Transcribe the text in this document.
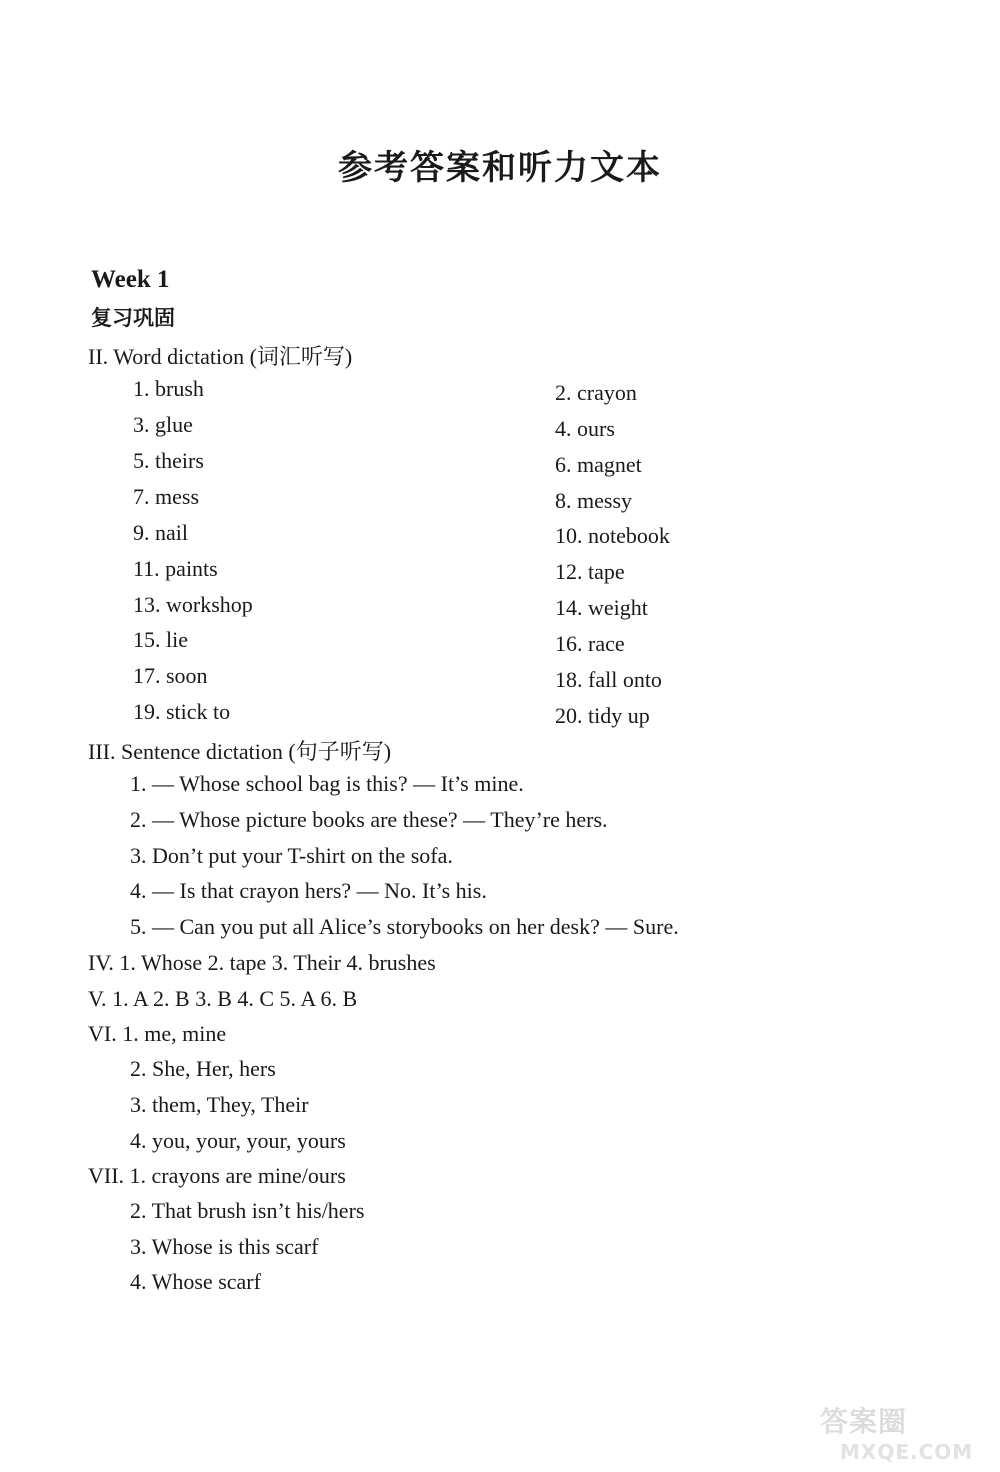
参考答案和听力文本
Week 1
复习巩固
II. Word dictation (词汇听写)
1. brush
3. glue
5. theirs
7. mess
9. nail
11. paints
13. workshop
15. lie
17. soon
19. stick to
2. crayon
4. ours
6. magnet
8. messy
10. notebook
12. tape
14. weight
16. race
18. fall onto
20. tidy up
III. Sentence dictation (句子听写)
1. — Whose school bag is this? — It’s mine.
2. — Whose picture books are these? — They’re hers.
3. Don’t put your T-shirt on the sofa.
4. — Is that crayon hers? — No. It’s his.
5. — Can you put all Alice’s storybooks on her desk? — Sure.
IV. 1. Whose 2. tape 3. Their 4. brushes
V. 1. A 2. B 3. B 4. C 5. A 6. B
VI. 1. me, mine
2. She, Her, hers
3. them, They, Their
4. you, your, your, yours
VII. 1. crayons are mine/ours
2. That brush isn’t his/hers
3. Whose is this scarf
4. Whose scarf
答案圈
MXQE.COM
